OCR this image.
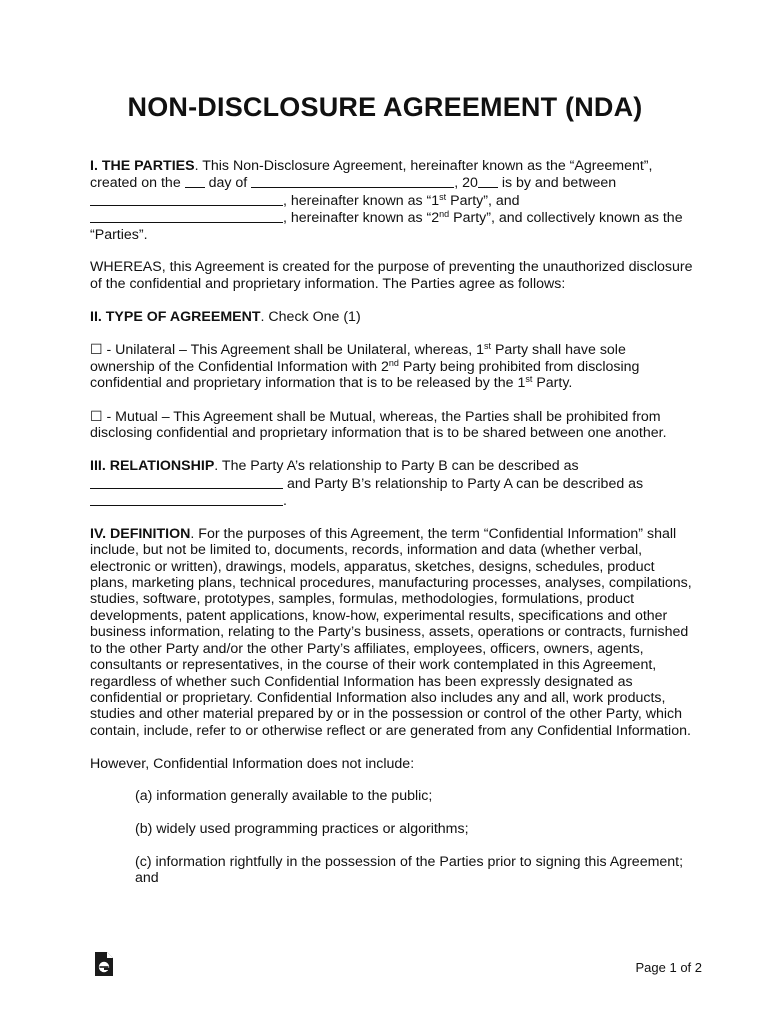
NON-DISCLOSURE AGREEMENT (NDA)
I. THE PARTIES. This Non-Disclosure Agreement, hereinafter known as the “Agreement”,
created on the  day of	, 20 is by and between
, hereinafter known as “1st Party”, and
, hereinafter known as “2nd Party”, and collectively known as the
“Parties”.
WHEREAS, this Agreement is created for the purpose of preventing the unauthorized disclosure
of the confidential and proprietary information. The Parties agree as follows:
II. TYPE OF AGREEMENT. Check One (1)
☐ - Unilateral – This Agreement shall be Unilateral, whereas, 1st Party shall have sole
ownership of the Confidential Information with 2nd Party being prohibited from disclosing
confidential and proprietary information that is to be released by the 1st Party.
☐ - Mutual – This Agreement shall be Mutual, whereas, the Parties shall be prohibited from
disclosing confidential and proprietary information that is to be shared between one another.
III. RELATIONSHIP. The Party A’s relationship to Party B can be described as
and Party B’s relationship to Party A can be described as
.
IV. DEFINITION. For the purposes of this Agreement, the term “Confidential Information” shall
include, but not be limited to, documents, records, information and data (whether verbal,
electronic or written), drawings, models, apparatus, sketches, designs, schedules, product
plans, marketing plans, technical procedures, manufacturing processes, analyses, compilations,
studies, software, prototypes, samples, formulas, methodologies, formulations, product
developments, patent applications, know-how, experimental results, specifications and other
business information, relating to the Party’s business, assets, operations or contracts, furnished
to the other Party and/or the other Party’s affiliates, employees, officers, owners, agents,
consultants or representatives, in the course of their work contemplated in this Agreement,
regardless of whether such Confidential Information has been expressly designated as
confidential or proprietary. Confidential Information also includes any and all, work products,
studies and other material prepared by or in the possession or control of the other Party, which
contain, include, refer to or otherwise reflect or are generated from any Confidential Information.
However, Confidential Information does not include:
(a) information generally available to the public;
(b) widely used programming practices or algorithms;
(c) information rightfully in the possession of the Parties prior to signing this Agreement;
and
Page 1 of 2
